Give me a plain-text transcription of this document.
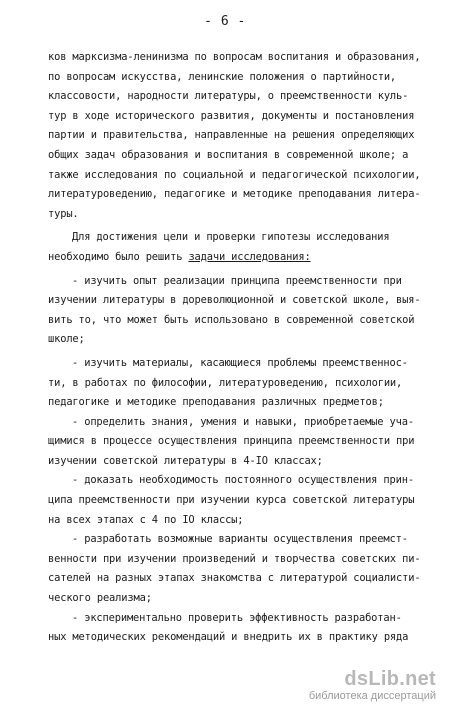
- 6 -
ков марксизма-ленинизма по вопросам воспитания и образования,
по вопросам искусства, ленинские положения о партийности,
классовости, народности литературы, о преемственности куль-
тур в ходе исторического развития, документы и постановления
партии и правительства, направленные на решения определяющих
общих задач образования и воспитания в современной школе; а
также исследования по социальной и педагогической психологии,
литературоведению, педагогике и методике преподавания литера-
туры.
Для достижения цели и проверки гипотезы исследования
необходимо было решить задачи исследования:
- изучить опыт реализации принципа преемственности при
изучении литературы в дореволюционной и советской школе, выя-
вить то, что может быть использовано в современной советской
школе;
- изучить материалы, касающиеся проблемы преемственнос-
ти, в работах по философии, литературоведению, психологии,
педагогике и методике преподавания различных предметов;
- определить знания, умения и навыки, приобретаемые уча-
щимися в процессе осуществления принципа преемственности при
изучении советской литературы в 4-IO классах;
- доказать необходимость постоянного осуществления прин-
ципа преемственности при изучении курса советской литературы
на всех этапах с 4 по IO классы;
- разработать возможные варианты осуществления преемст-
венности при изучении произведений и творчества советских пи-
сателей на разных этапах знакомства с литературой социалисти-
ческого реализма;
- экспериментально проверить эффективность разработан-
ных методических рекомендаций и внедрить их в практику ряда
dsLib.net
библиотека диссертаций
